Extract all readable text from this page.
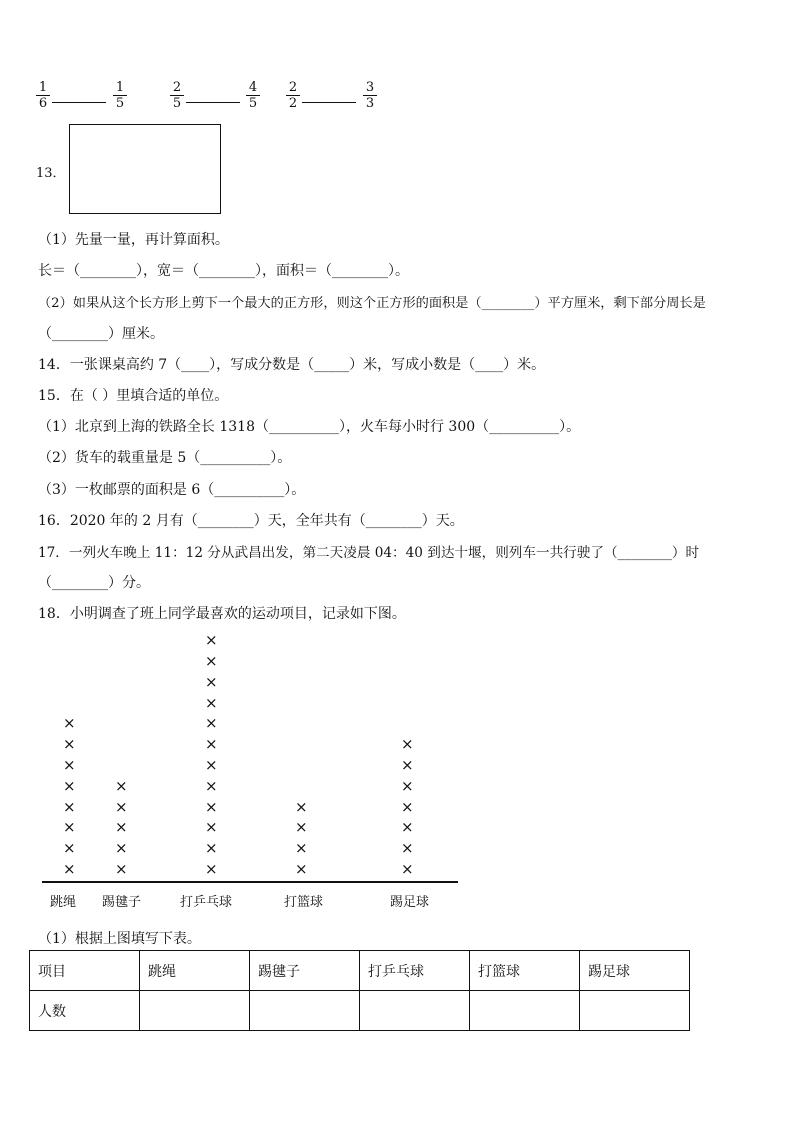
1
6
1
5
2
5
4
5
2
2
3
3
13．
（1）先量一量，再计算面积。
长＝（________），宽＝（________），面积＝（________）。
（2）如果从这个长方形上剪下一个最大的正方形，则这个正方形的面积是（________）平方厘米，剩下部分周长是
（________）厘米。
14．一张课桌高约 7（____），写成分数是（_____）米，写成小数是（____）米。
15．在（ ）里填合适的单位。
（1）北京到上海的铁路全长 1318（__________），火车每小时行 300（__________）。
（2）货车的载重量是 5（__________）。
（3）一枚邮票的面积是 6（__________）。
16．2020 年的 2 月有（________）天，全年共有（________）天。
17．一列火车晚上 11：12 分从武昌出发，第二天凌晨 04：40 到达十堰，则列车一共行驶了（________）时
（________）分。
18．小明调查了班上同学最喜欢的运动项目，记录如下图。
跳绳 踢毽子	打乒乓球	打篮球	踢足球
×
×
×
×
×
×
×
×
×
×
×
×
×
×
×
×
×
×
×
×
×
×
×
×
×
×
×
×
×
×
×
×
×
×
×
×
（1）根据上图填写下表。
项目	跳绳	踢毽子	打乒乓球	打篮球	踢足球
人数					
